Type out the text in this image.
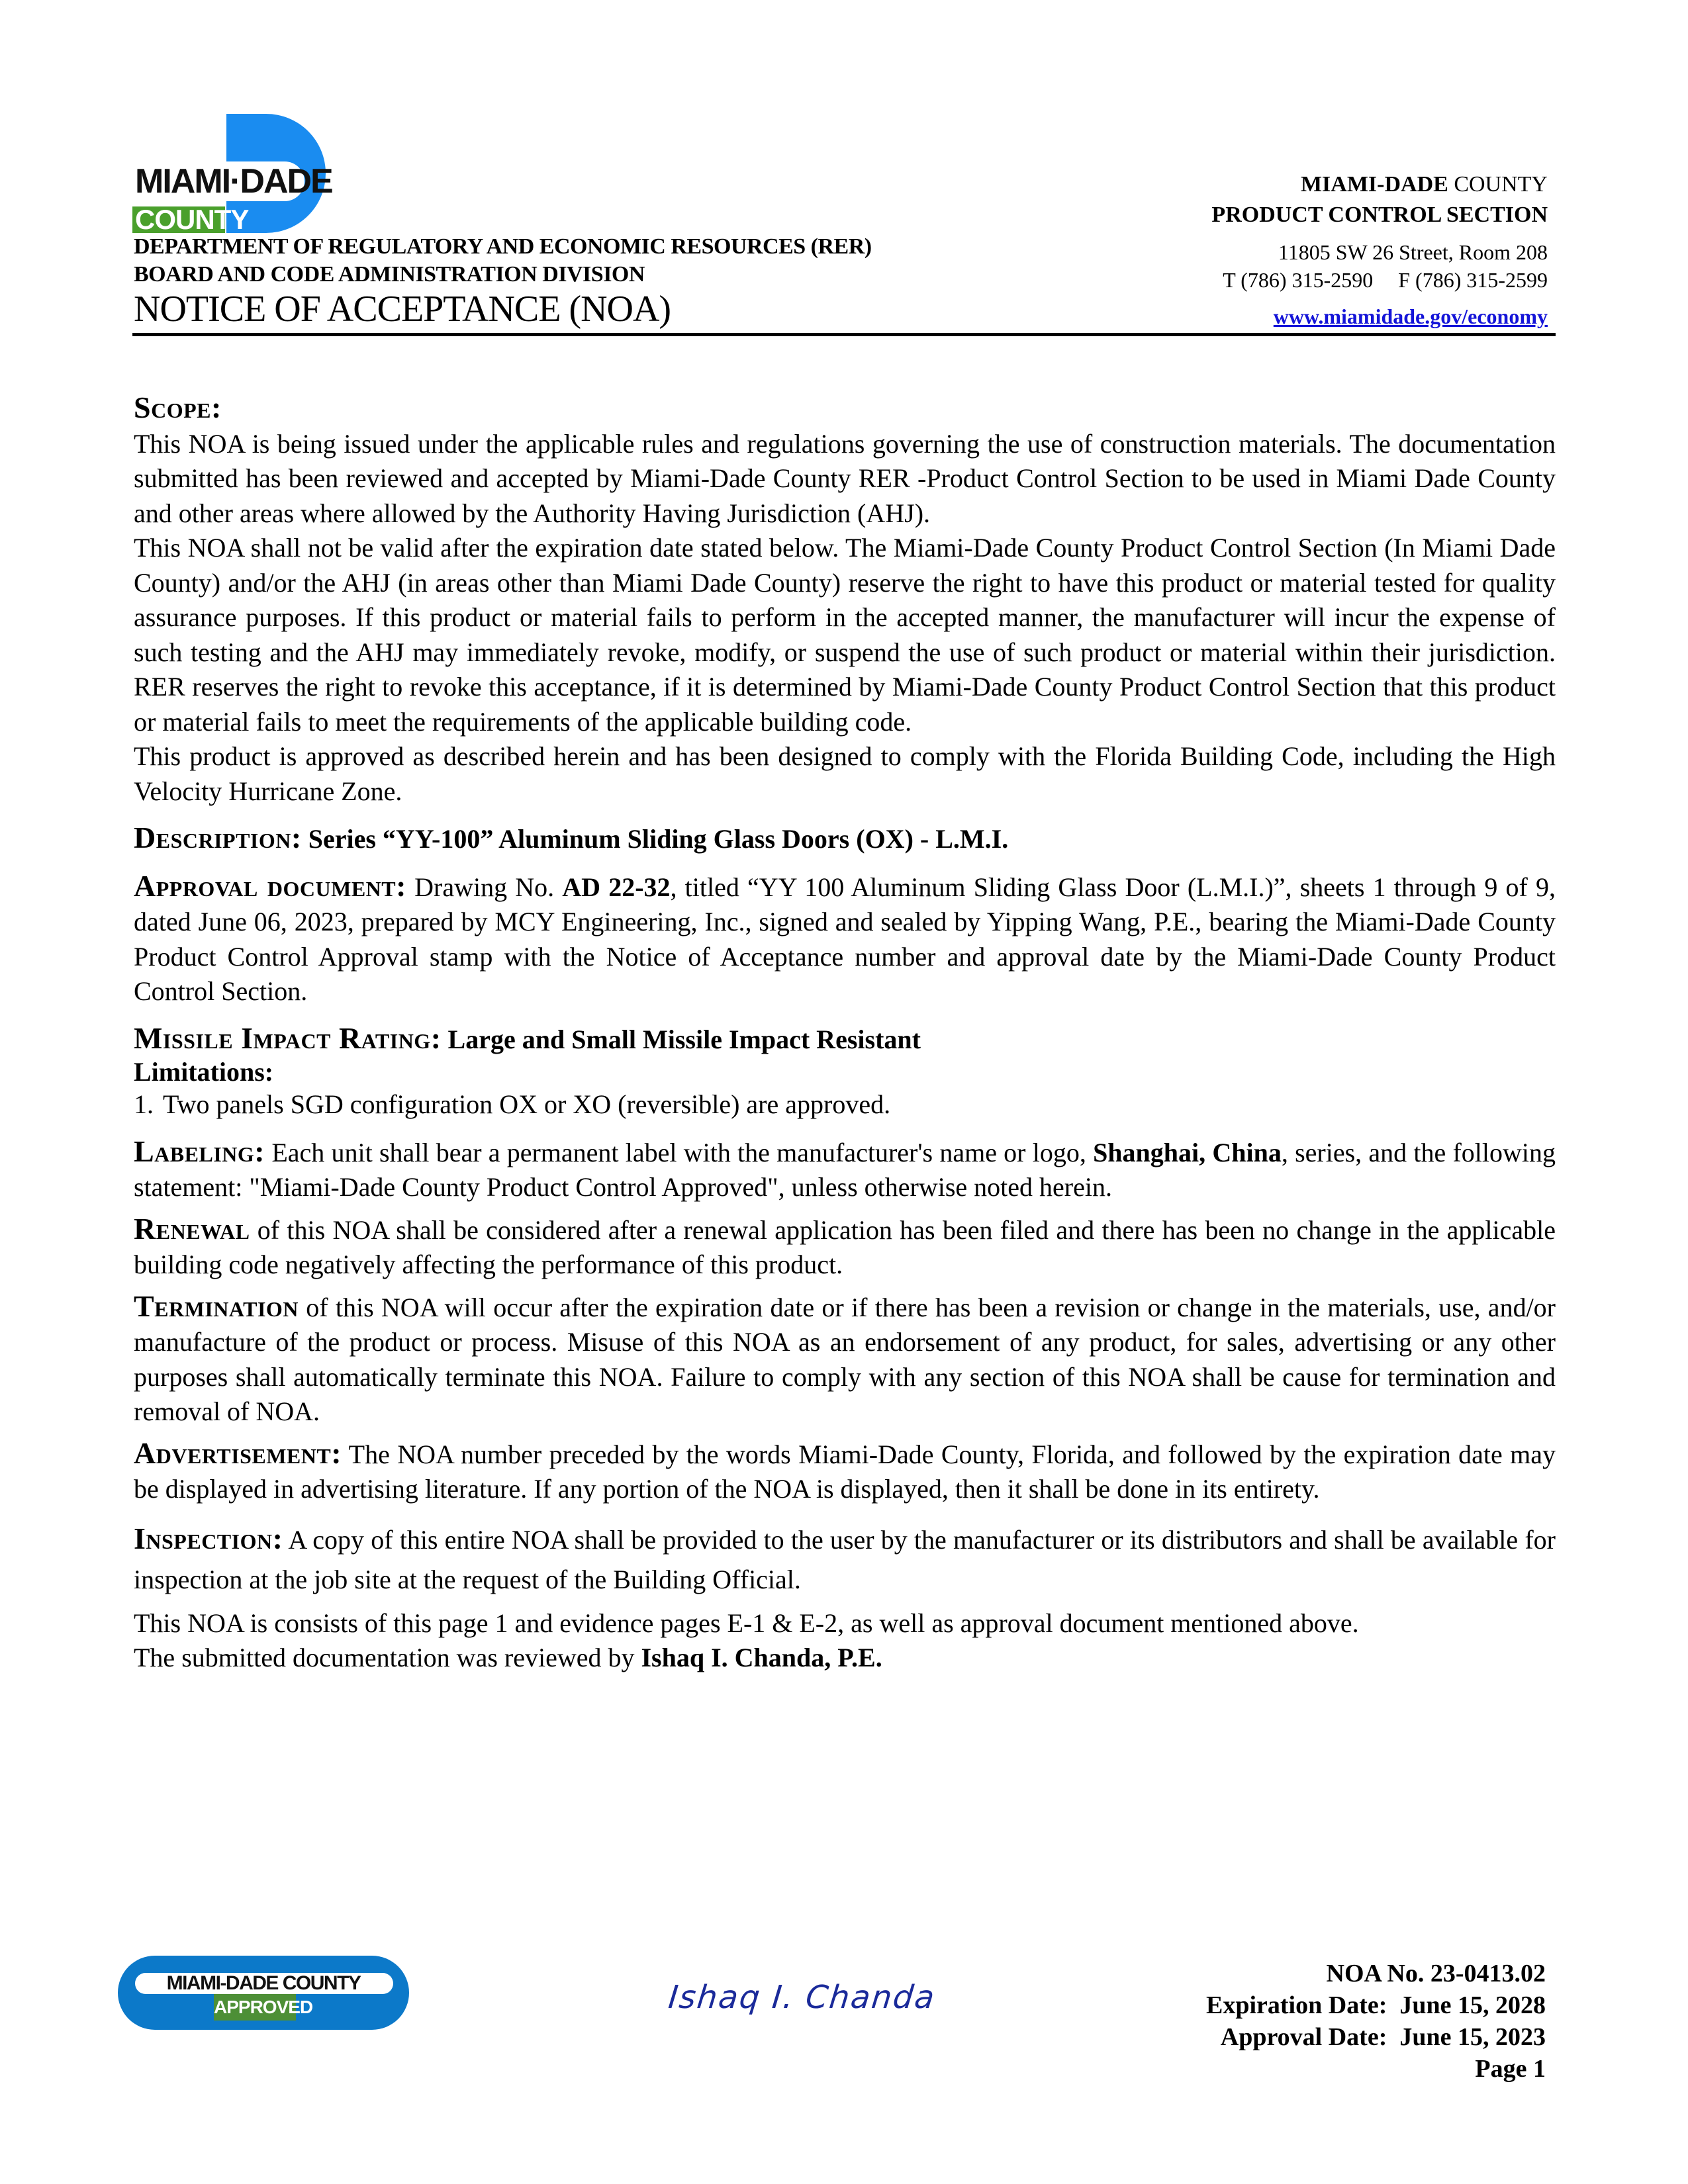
MIAMI·DADE
COUNTY
DEPARTMENT OF REGULATORY AND ECONOMIC RESOURCES (RER)
BOARD AND CODE ADMINISTRATION DIVISION
NOTICE OF ACCEPTANCE (NOA)
MIAMI-DADE COUNTY
PRODUCT CONTROL SECTION
11805 SW 26 Street, Room 208
T (786) 315-2590 F (786) 315-2599
www.miamidade.gov/economy

Scope:

This NOA is being issued under the applicable rules and regulations governing the use of construction materials. The documentation submitted has been reviewed and accepted by Miami-Dade County RER -Product Control Section to be used in Miami Dade County and other areas where allowed by the Authority Having Jurisdiction (AHJ).

This NOA shall not be valid after the expiration date stated below. The Miami-Dade County Product Control Section (In Miami Dade County) and/or the AHJ (in areas other than Miami Dade County) reserve the right to have this product or material tested for quality assurance purposes. If this product or material fails to perform in the accepted manner, the manufacturer will incur the expense of such testing and the AHJ may immediately revoke, modify, or suspend the use of such product or material within their jurisdiction. RER reserves the right to revoke this acceptance, if it is determined by Miami-Dade County Product Control Section that this product or material fails to meet the requirements of the applicable building code.

This product is approved as described herein and has been designed to comply with the Florida Building Code, including the High Velocity Hurricane Zone.

Description: Series “YY-100” Aluminum Sliding Glass Doors (OX) - L.M.I.

Approval document: Drawing No. AD 22-32, titled “YY 100 Aluminum Sliding Glass Door (L.M.I.)”, sheets 1 through 9 of 9, dated June 06, 2023, prepared by MCY Engineering, Inc., signed and sealed by Yipping Wang, P.E., bearing the Miami-Dade County Product Control Approval stamp with the Notice of Acceptance number and approval date by the Miami-Dade County Product Control Section.

Missile Impact Rating: Large and Small Missile Impact Resistant

Limitations:

1. Two panels SGD configuration OX or XO (reversible) are approved.

Labeling: Each unit shall bear a permanent label with the manufacturer's name or logo, Shanghai, China, series, and the following statement: "Miami-Dade County Product Control Approved", unless otherwise noted herein.

Renewal of this NOA shall be considered after a renewal application has been filed and there has been no change in the applicable building code negatively affecting the performance of this product.

Termination of this NOA will occur after the expiration date or if there has been a revision or change in the materials, use, and/or manufacture of the product or process. Misuse of this NOA as an endorsement of any product, for sales, advertising or any other purposes shall automatically terminate this NOA. Failure to comply with any section of this NOA shall be cause for termination and removal of NOA.

Advertisement: The NOA number preceded by the words Miami-Dade County, Florida, and followed by the expiration date may be displayed in advertising literature. If any portion of the NOA is displayed, then it shall be done in its entirety.

Inspection: A copy of this entire NOA shall be provided to the user by the manufacturer or its distributors and shall be available for inspection at the job site at the request of the Building Official.

This NOA is consists of this page 1 and evidence pages E-1 & E-2, as well as approval document mentioned above.

The submitted documentation was reviewed by Ishaq I. Chanda, P.E.

MIAMI-DADE COUNTY
APPROVED	Ishaq I. Chanda
NOA No. 23-0413.02
Expiration Date:  June 15, 2028
Approval Date:  June 15, 2023
Page 1
